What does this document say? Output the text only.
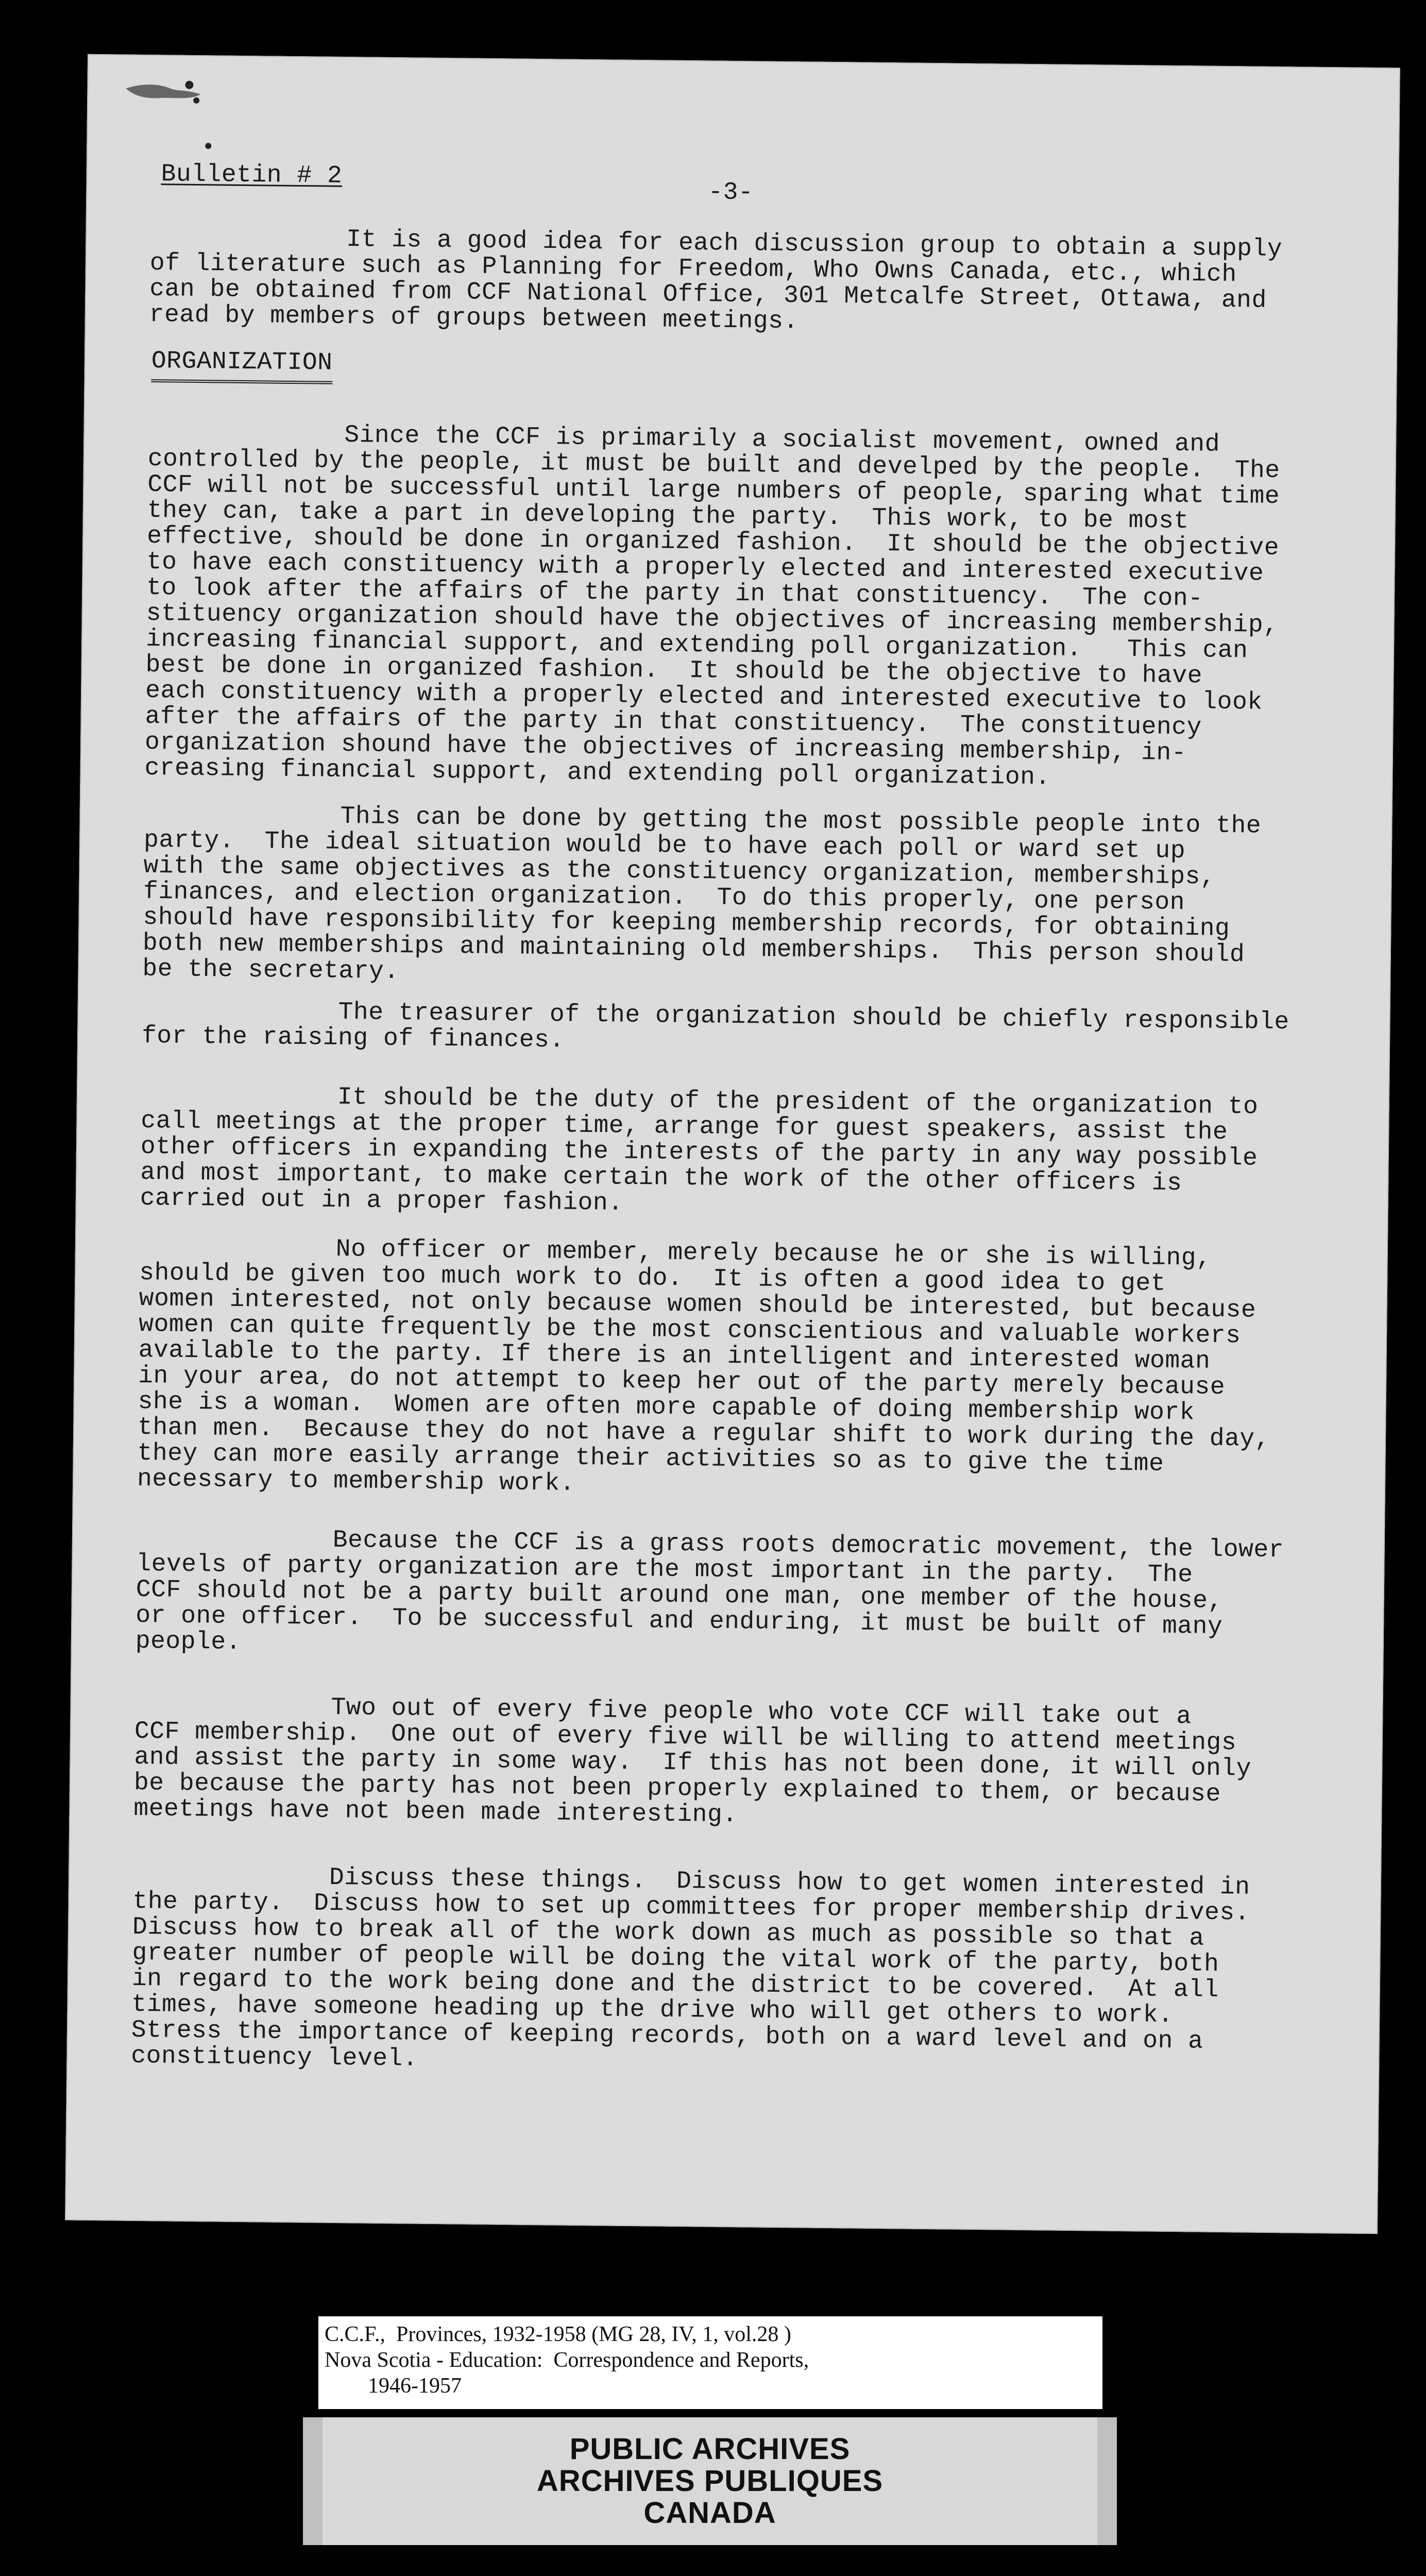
Bulletin # 2
-3-
It is a good idea for each discussion group to obtain a supply
of literature such as Planning for Freedom, Who Owns Canada, etc., which
can be obtained from CCF National Office, 301 Metcalfe Street, Ottawa, and
read by members of groups between meetings.
ORGANIZATION
Since the CCF is primarily a socialist movement, owned and
controlled by the people, it must be built and develped by the people.  The
CCF will not be successful until large numbers of people, sparing what time
they can, take a part in developing the party.  This work, to be most
effective, should be done in organized fashion.  It should be the objective
to have each constituency with a properly elected and interested executive
to look after the affairs of the party in that constituency.  The con-
stituency organization should have the objectives of increasing membership,
increasing financial support, and extending poll organization.   This can
best be done in organized fashion.  It should be the objective to have
each constituency with a properly elected and interested executive to look
after the affairs of the party in that constituency.  The constituency
organization shound have the objectives of increasing membership, in-
creasing financial support, and extending poll organization.
This can be done by getting the most possible people into the
party.  The ideal situation would be to have each poll or ward set up
with the same objectives as the constituency organization, memberships,
finances, and election organization.  To do this properly, one person
should have responsibility for keeping membership records, for obtaining
both new memberships and maintaining old memberships.  This person should
be the secretary.
The treasurer of the organization should be chiefly responsible
for the raising of finances.
It should be the duty of the president of the organization to
call meetings at the proper time, arrange for guest speakers, assist the
other officers in expanding the interests of the party in any way possible
and most important, to make certain the work of the other officers is
carried out in a proper fashion.
No officer or member, merely because he or she is willing,
should be given too much work to do.  It is often a good idea to get
women interested, not only because women should be interested, but because
women can quite frequently be the most conscientious and valuable workers
available to the party. If there is an intelligent and interested woman
in your area, do not attempt to keep her out of the party merely because
she is a woman.  Women are often more capable of doing membership work
than men.  Because they do not have a regular shift to work during the day,
they can more easily arrange their activities so as to give the time
necessary to membership work.
Because the CCF is a grass roots democratic movement, the lower
levels of party organization are the most important in the party.  The
CCF should not be a party built around one man, one member of the house,
or one officer.  To be successful and enduring, it must be built of many
people.
Two out of every five people who vote CCF will take out a
CCF membership.  One out of every five will be willing to attend meetings
and assist the party in some way.  If this has not been done, it will only
be because the party has not been properly explained to them, or because
meetings have not been made interesting.
Discuss these things.  Discuss how to get women interested in
the party.  Discuss how to set up committees for proper membership drives.
Discuss how to break all of the work down as much as possible so that a
greater number of people will be doing the vital work of the party, both
in regard to the work being done and the district to be covered.  At all
times, have someone heading up the drive who will get others to work.
Stress the importance of keeping records, both on a ward level and on a
constituency level.
C.C.F.,  Provinces, 1932-1958 (MG 28, IV, 1, vol.28 )
Nova Scotia - Education:  Correspondence and Reports,
1946-1957
PUBLIC ARCHIVES
ARCHIVES PUBLIQUES
CANADA
